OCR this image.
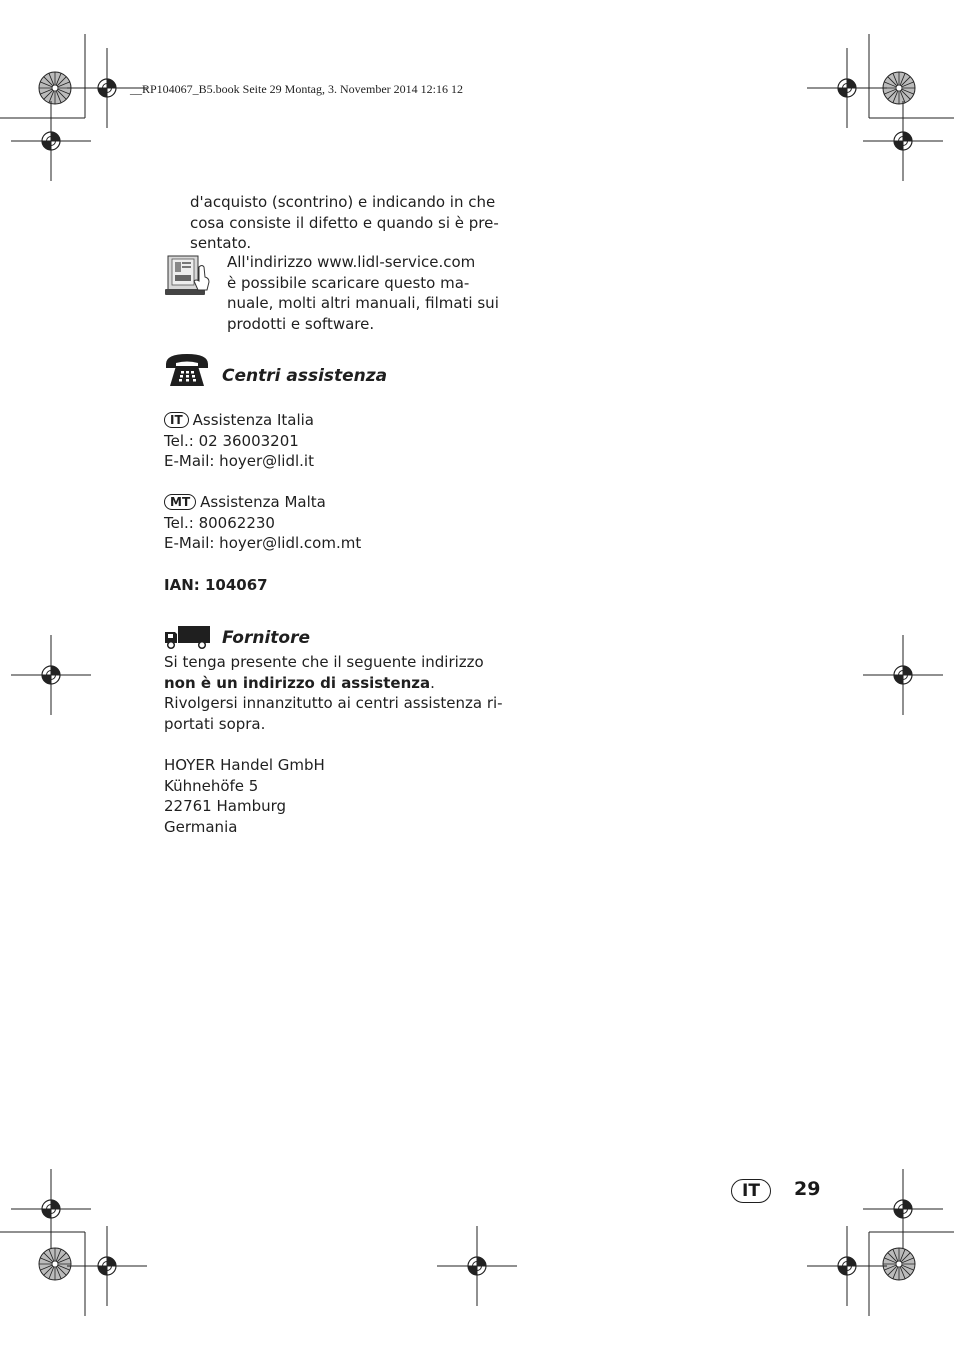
__RP104067_B5.book Seite 29 Montag, 3. November 2014 12:16 12
d'acquisto (scontrino) e indicando in che
cosa consiste il difetto e quando si è pre-
sentato.
All'indirizzo www.lidl-service.com
è possibile scaricare questo ma-
nuale, molti altri manuali, filmati sui
prodotti e software.
Centri assistenza
IT Assistenza Italia
Tel.: 02 36003201
E-Mail: hoyer@lidl.it
MT Assistenza Malta
Tel.: 80062230
E-Mail: hoyer@lidl.com.mt
IAN: 104067
Fornitore
Si tenga presente che il seguente indirizzo
non è un indirizzo di assistenza.
Rivolgersi innanzitutto ai centri assistenza ri-
portati sopra.
HOYER Handel GmbH
Kühnehöfe 5
22761 Hamburg
Germania
IT	29
